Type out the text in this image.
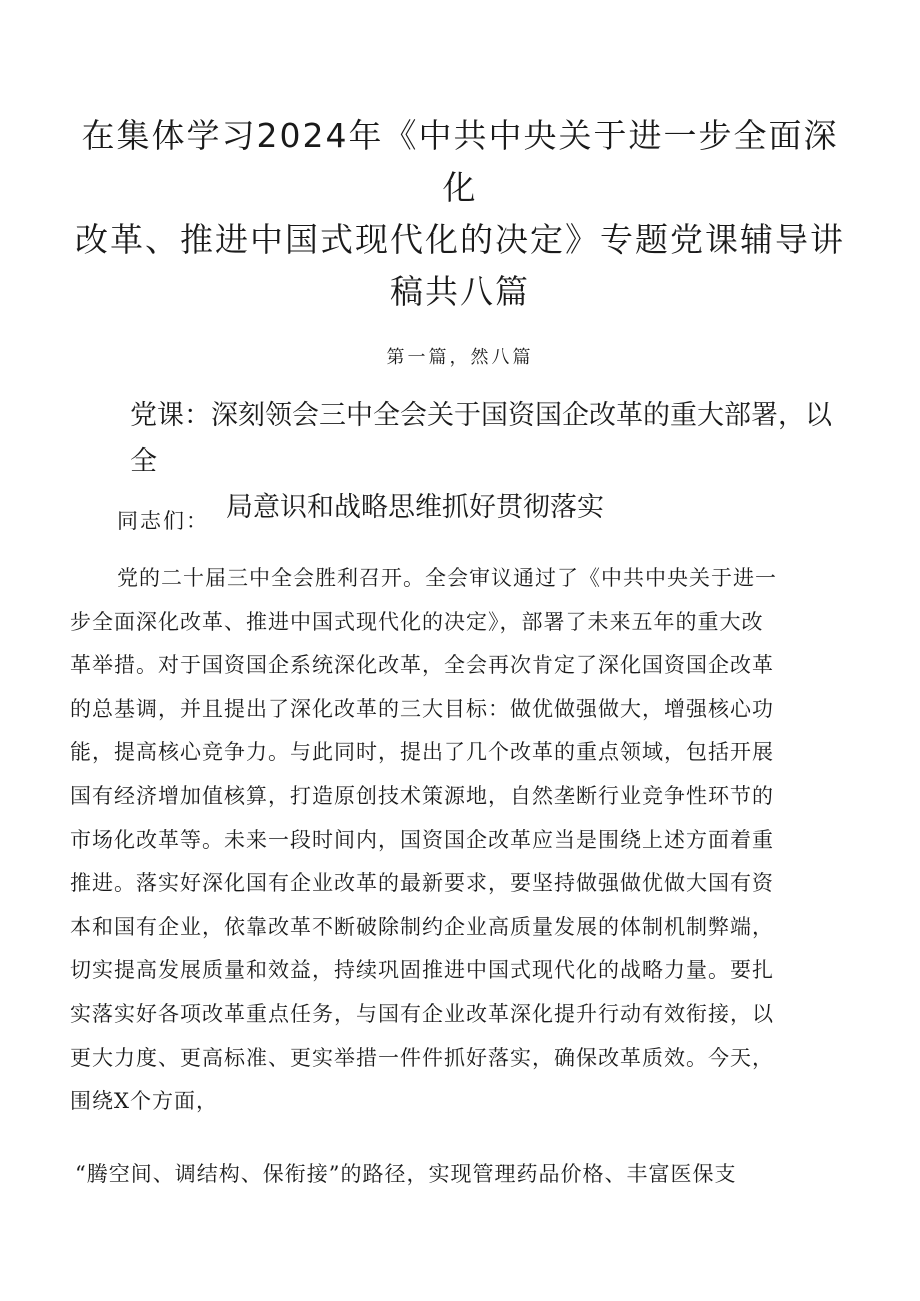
在集体学习2024年《中共中央关于进一步全面深化
改革、推进中国式现代化的决定》专题党课辅导讲
稿共八篇
第一篇，然八篇
党课：深刻领会三中全会关于国资国企改革的重大部署，以全
局意识和战略思维抓好贯彻落实
同志们：
党的二十届三中全会胜利召开。全会审议通过了《中共中央关于进一
步全面深化改革、推进中国式现代化的决定》，部署了未来五年的重大改
革举措。对于国资国企系统深化改革，全会再次肯定了深化国资国企改革
的总基调，并且提出了深化改革的三大目标：做优做强做大，增强核心功
能，提高核心竞争力。与此同时，提出了几个改革的重点领域，包括开展
国有经济增加值核算，打造原创技术策源地，自然垄断行业竞争性环节的
市场化改革等。未来一段时间内，国资国企改革应当是围绕上述方面着重
推进。落实好深化国有企业改革的最新要求，要坚持做强做优做大国有资
本和国有企业，依靠改革不断破除制约企业高质量发展的体制机制弊端，
切实提高发展质量和效益，持续巩固推进中国式现代化的战略力量。要扎
实落实好各项改革重点任务，与国有企业改革深化提升行动有效衔接，以
更大力度、更高标准、更实举措一件件抓好落实，确保改革质效。今天，
围绕X个方面，
“腾空间、调结构、保衔接”的路径，实现管理药品价格、丰富医保支
